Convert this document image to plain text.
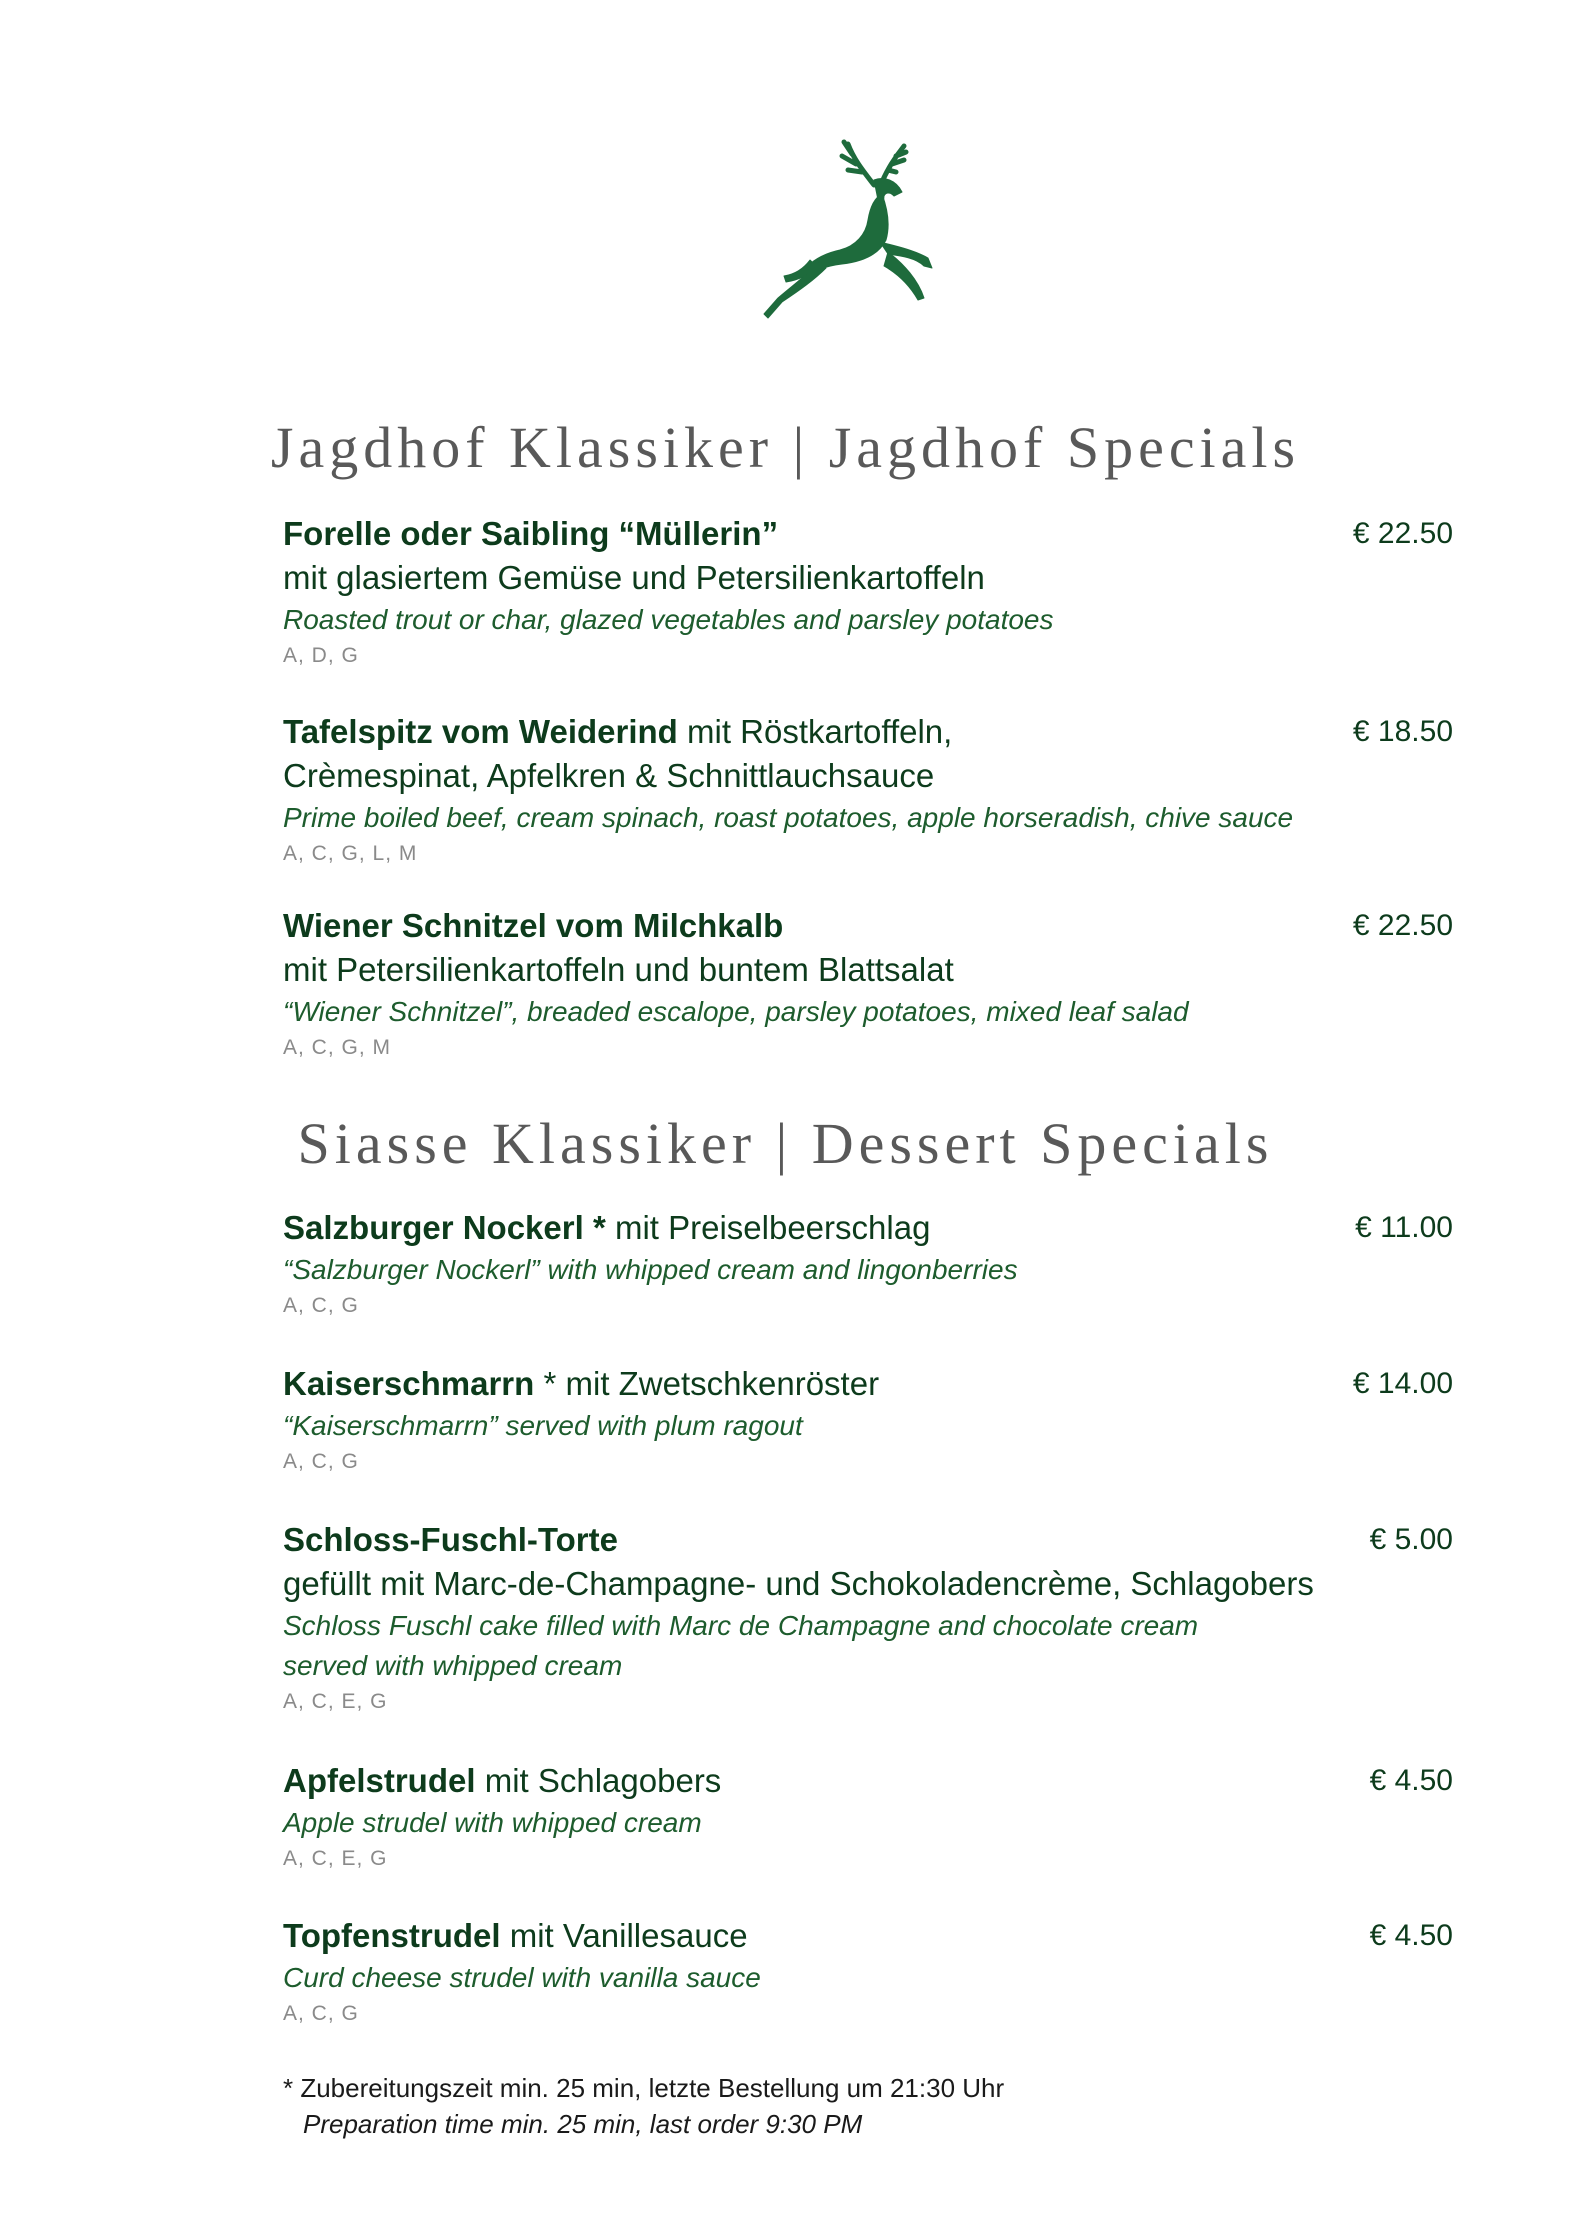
Jagdhof Klassiker | Jagdhof Specials
Forelle oder Saibling “Müllerin”
mit glasiertem Gemüse und Petersilienkartoffeln
Roasted trout or char, glazed vegetables and parsley potatoes
A, D, G
€ 22.50
Tafelspitz vom Weiderind mit Röstkartoffeln,
Crèmespinat, Apfelkren & Schnittlauchsauce
Prime boiled beef, cream spinach, roast potatoes, apple horseradish, chive sauce
A, C, G, L, M
€ 18.50
Wiener Schnitzel vom Milchkalb
mit Petersilienkartoffeln und buntem Blattsalat
“Wiener Schnitzel”, breaded escalope, parsley potatoes, mixed leaf salad
A, C, G, M
€ 22.50
Siasse Klassiker | Dessert Specials
Salzburger Nockerl * mit Preiselbeerschlag
“Salzburger Nockerl” with whipped cream and lingonberries
A, C, G
€ 11.00
Kaiserschmarrn * mit Zwetschkenröster
“Kaiserschmarrn” served with plum ragout
A, C, G
€ 14.00
Schloss-Fuschl-Torte
gefüllt mit Marc-de-Champagne- und Schokoladencrème, Schlagobers
Schloss Fuschl cake filled with Marc de Champagne and chocolate cream
served with whipped cream
A, C, E, G
€ 5.00
Apfelstrudel mit Schlagobers
Apple strudel with whipped cream
A, C, E, G
€ 4.50
Topfenstrudel mit Vanillesauce
Curd cheese strudel with vanilla sauce
A, C, G
€ 4.50
* Zubereitungszeit min. 25 min, letzte Bestellung um 21:30 Uhr
Preparation time min. 25 min, last order 9:30 PM
